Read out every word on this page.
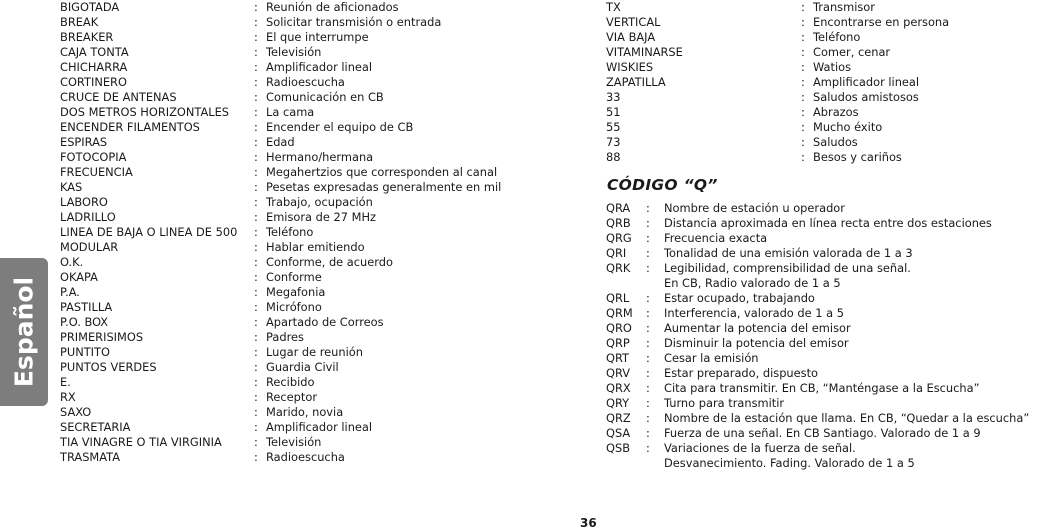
Español
BIGOTADA	: Reunión de aficionados
BREAK	: Solicitar transmisión o entrada
BREAKER	: El que interrumpe
CAJA TONTA	: Televisión
CHICHARRA	: Amplificador lineal
CORTINERO	: Radioescucha
CRUCE DE ANTENAS	: Comunicación en CB
DOS METROS HORIZONTALES : La cama
ENCENDER FILAMENTOS	: Encender el equipo de CB
ESPIRAS	: Edad
FOTOCOPIA	: Hermano/hermana
FRECUENCIA	: Megahertzios que corresponden al canal
KAS	: Pesetas expresadas generalmente en mil
LABORO	: Trabajo, ocupación
LADRILLO	: Emisora de 27 MHz
LINEA DE BAJA O LINEA DE 500 : Teléfono
MODULAR	: Hablar emitiendo
O.K.	: Conforme, de acuerdo
OKAPA	: Conforme
P.A.	: Megafonia
PASTILLA	: Micrófono
P.O. BOX	: Apartado de Correos
PRIMERISIMOS	: Padres
PUNTITO	: Lugar de reunión
PUNTOS VERDES	: Guardia Civil
E.	: Recibido
RX	: Receptor
SAXO	: Marido, novia
SECRETARIA	: Amplificador lineal
TIA VINAGRE O TIA VIRGINIA	: Televisión
TRASMATA	: Radioescucha
TX	: Transmisor
VERTICAL	: Encontrarse en persona
VIA BAJA	: Teléfono
VITAMINARSE	: Comer, cenar
WISKIES	: Watios
ZAPATILLA	: Amplificador lineal
33	: Saludos amistosos
51	: Abrazos
55	: Mucho éxito
73	: Saludos
88	: Besos y cariños
CÓDIGO “Q”
QRA : Nombre de estación u operador
QRB : Distancia aproximada en línea recta entre dos estaciones
QRG : Frecuencia exacta
QRI : Tonalidad de una emisión valorada de 1 a 3
QRK : Legibilidad, comprensibilidad de una señal.
En CB, Radio valorado de 1 a 5
QRL : Estar ocupado, trabajando
QRM : Interferencia, valorado de 1 a 5
QRO : Aumentar la potencia del emisor
QRP : Disminuir la potencia del emisor
QRT : Cesar la emisión
QRV : Estar preparado, dispuesto
QRX : Cita para transmitir. En CB, “Manténgase a la Escucha”
QRY : Turno para transmitir
QRZ : Nombre de la estación que llama. En CB, “Quedar a la escucha”
QSA : Fuerza de una señal. En CB Santiago. Valorado de 1 a 9
QSB : Variaciones de la fuerza de señal.
Desvanecimiento. Fading. Valorado de 1 a 5
36
